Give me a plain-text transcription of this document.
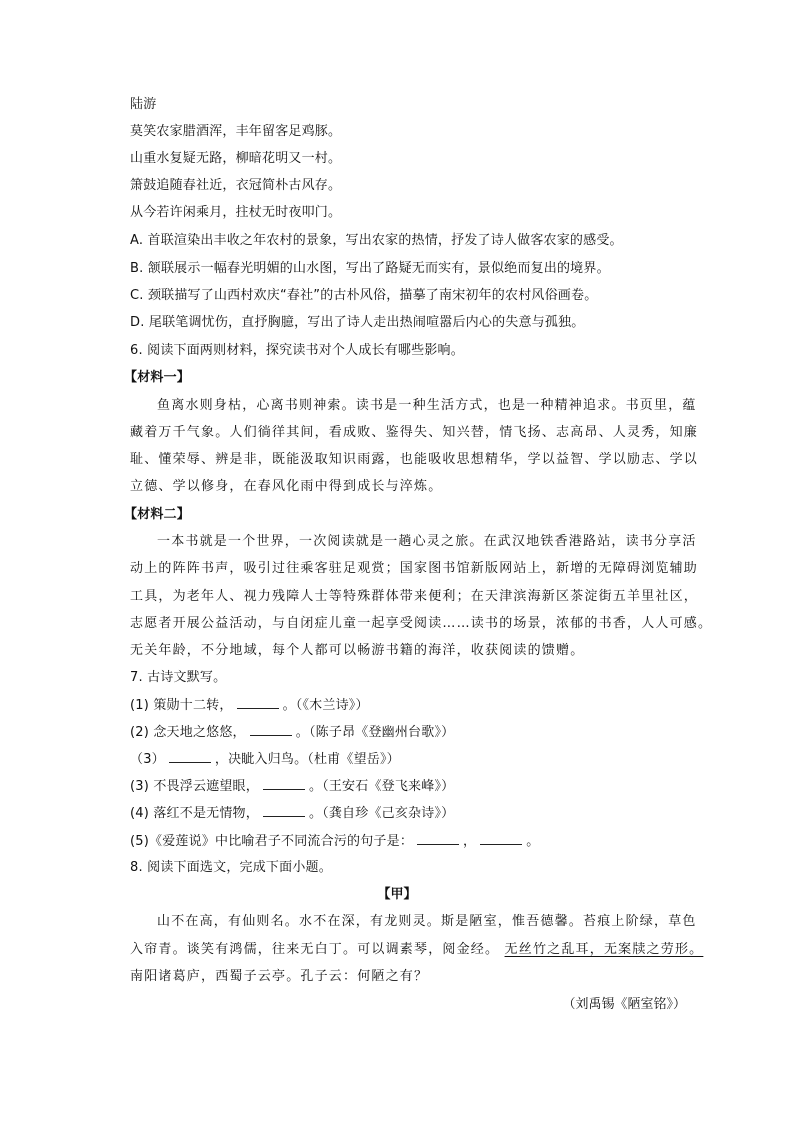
陆游
莫笑农家腊酒浑，丰年留客足鸡豚。
山重水复疑无路，柳暗花明又一村。
箫鼓追随春社近，衣冠简朴古风存。
从今若许闲乘月，拄杖无时夜叩门。
A. 首联渲染出丰收之年农村的景象，写出农家的热情，抒发了诗人做客农家的感受。
B. 颔联展示一幅春光明媚的山水图，写出了路疑无而实有，景似绝而复出的境界。
C. 颈联描写了山西村欢庆“春社”的古朴风俗，描摹了南宋初年的农村风俗画卷。
D. 尾联笔调忧伤，直抒胸臆，写出了诗人走出热闹喧嚣后内心的失意与孤独。
6. 阅读下面两则材料，探究读书对个人成长有哪些影响。
【材料一】
鱼离水则身枯，心离书则神索。读书是一种生活方式，也是一种精神追求。书页里，蕴
藏着万千气象。人们徜徉其间，看成败、鉴得失、知兴替，情飞扬、志高昂、人灵秀，知廉
耻、懂荣辱、辨是非，既能汲取知识雨露，也能吸收思想精华，学以益智、学以励志、学以
立德、学以修身，在春风化雨中得到成长与淬炼。
【材料二】
一本书就是一个世界，一次阅读就是一趟心灵之旅。在武汉地铁香港路站，读书分享活
动上的阵阵书声，吸引过往乘客驻足观赏；国家图书馆新版网站上，新增的无障碍浏览辅助
工具，为老年人、视力残障人士等特殊群体带来便利；在天津滨海新区茶淀街五羊里社区，
志愿者开展公益活动，与自闭症儿童一起享受阅读……读书的场景，浓郁的书香，人人可感。
无关年龄，不分地域，每个人都可以畅游书籍的海洋，收获阅读的馈赠。
7. 古诗文默写。
(1) 策勋十二转，	。（《木兰诗》）
(2) 念天地之悠悠，	。（陈子昂《登幽州台歌》）
（3）	，决眦入归鸟。（杜甫《望岳》）
(3) 不畏浮云遮望眼，	。（王安石《登飞来峰》）
(4) 落红不是无情物，	。（龚自珍《己亥杂诗》）
(5)《爱莲说》中比喻君子不同流合污的句子是：	，	。
8. 阅读下面选文，完成下面小题。
【甲】
山不在高，有仙则名。水不在深，有龙则灵。斯是陋室，惟吾德馨。苔痕上阶绿，草色
入帘青。谈笑有鸿儒，往来无白丁。可以调素琴，阅金经。 无丝竹之乱耳，无案牍之劳形。
南阳诸葛庐，西蜀子云亭。孔子云：何陋之有？
（刘禹锡《陋室铭》）
